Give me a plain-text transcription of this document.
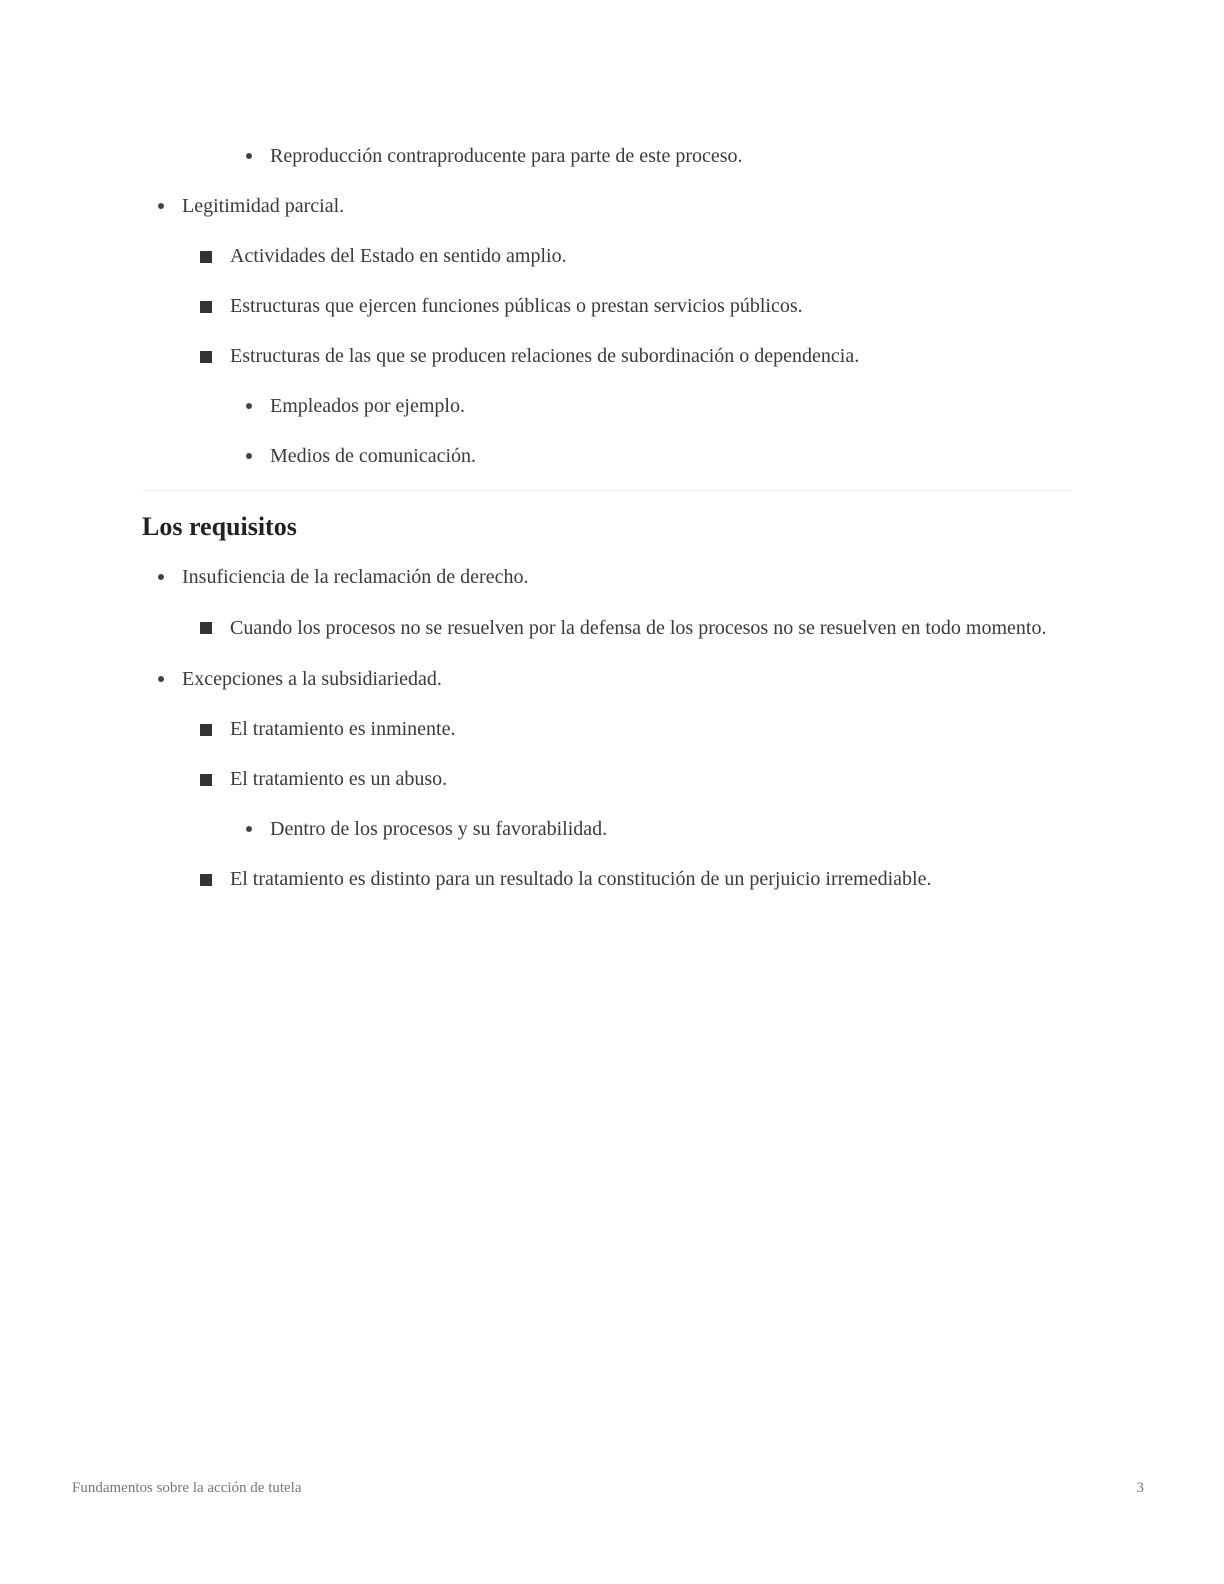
Reproducción contraproducente para parte de este proceso.
Legitimidad parcial.
Actividades del Estado en sentido amplio.
Estructuras que ejercen funciones públicas o prestan servicios públicos.
Estructuras de las que se producen relaciones de subordinación o dependencia.
Empleados por ejemplo.
Medios de comunicación.
Los requisitos
Insuficiencia de la reclamación de derecho.
Cuando los procesos no se resuelven por la defensa de los procesos no se resuelven en todo momento.
Excepciones a la subsidiariedad.
El tratamiento es inminente.
El tratamiento es un abuso.
Dentro de los procesos y su favorabilidad.
El tratamiento es distinto para un resultado la constitución de un perjuicio irremediable.
Fundamentos sobre la acción de tutela	3
